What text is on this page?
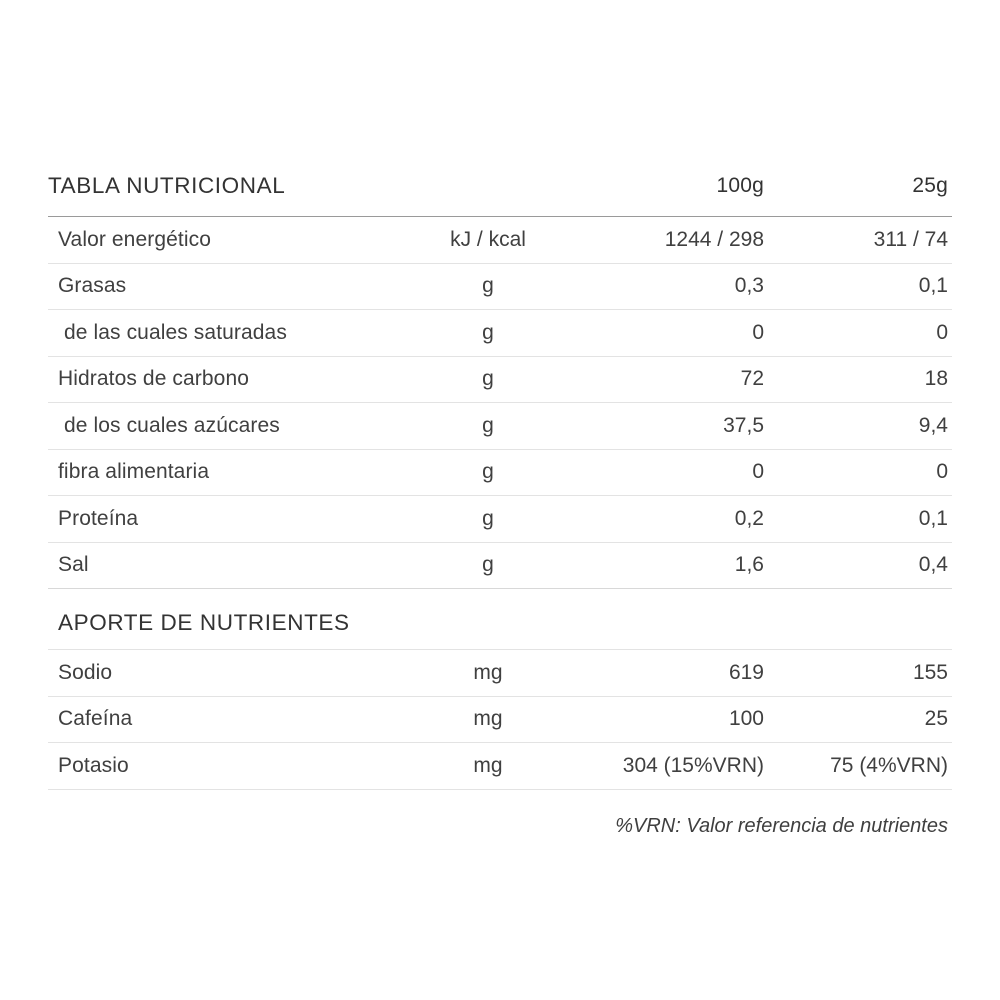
TABLA NUTRICIONAL		100g	25g

Valor energético	kJ / kcal	1244 / 298	311 / 74
Grasas	g	0,3	0,1
de las cuales saturadas	g	0	0
Hidratos de carbono	g	72	18
de los cuales azúcares	g	37,5	9,4
fibra alimentaria	g	0	0
Proteína	g	0,2	0,1
Sal	g	1,6	0,4
APORTE DE NUTRIENTES			
Sodio	mg	619	155
Cafeína	mg	100	25
Potasio	mg	304 (15%VRN)	75 (4%VRN)
%VRN: Valor referencia de nutrientes			
